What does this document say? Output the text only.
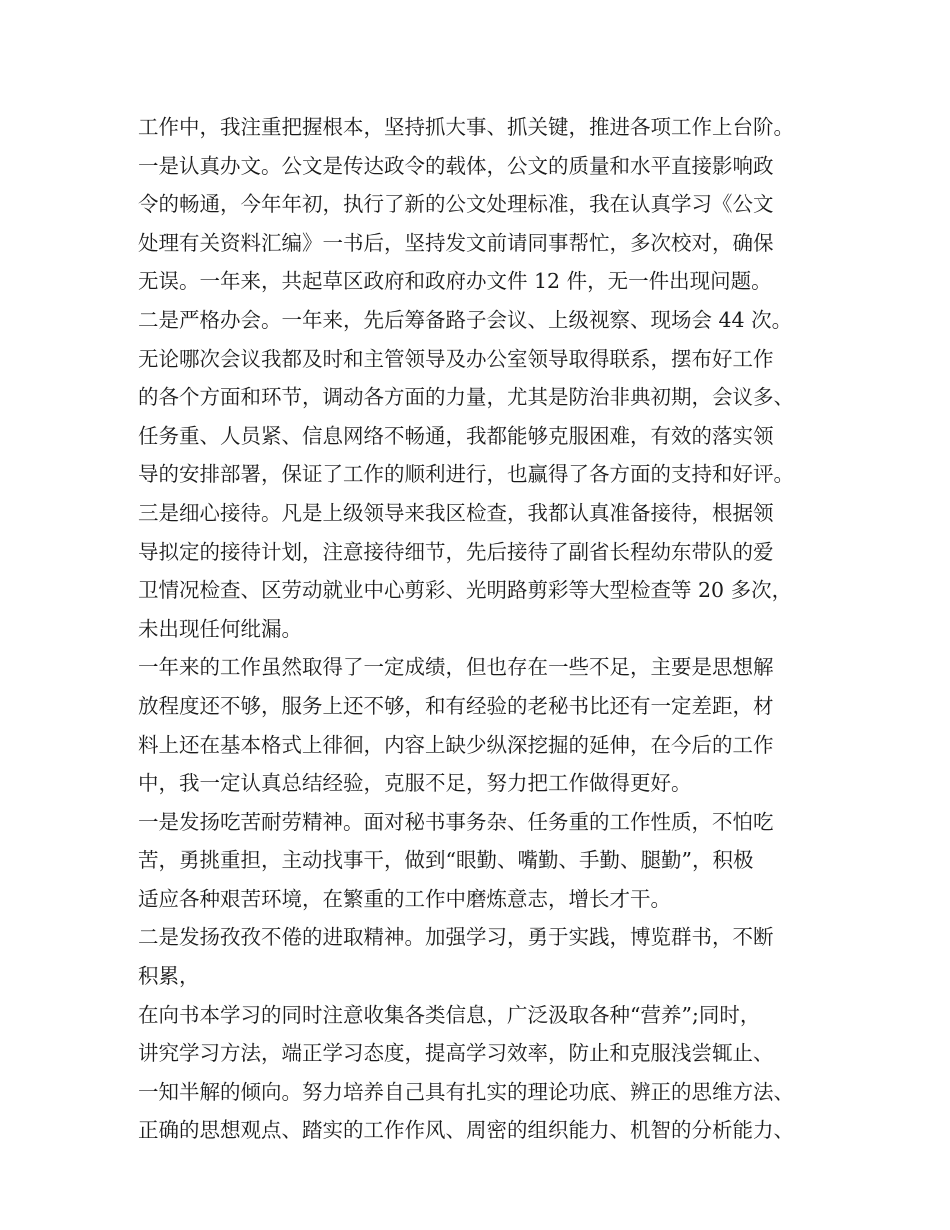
工作中，我注重把握根本，坚持抓大事、抓关键，推进各项工作上台阶。
一是认真办文。公文是传达政令的载体，公文的质量和水平直接影响政
令的畅通，今年年初，执行了新的公文处理标准，我在认真学习《公文
处理有关资料汇编》一书后，坚持发文前请同事帮忙，多次校对，确保
无误。一年来，共起草区政府和政府办文件 12 件，无一件出现问题。
二是严格办会。一年来，先后筹备路子会议、上级视察、现场会 44 次。
无论哪次会议我都及时和主管领导及办公室领导取得联系，摆布好工作
的各个方面和环节，调动各方面的力量，尤其是防治非典初期，会议多、
任务重、人员紧、信息网络不畅通，我都能够克服困难，有效的落实领
导的安排部署，保证了工作的顺利进行，也赢得了各方面的支持和好评。
三是细心接待。凡是上级领导来我区检查，我都认真准备接待，根据领
导拟定的接待计划，注意接待细节，先后接待了副省长程幼东带队的爱
卫情况检查、区劳动就业中心剪彩、光明路剪彩等大型检查等 20 多次，
未出现任何纰漏。
一年来的工作虽然取得了一定成绩，但也存在一些不足，主要是思想解
放程度还不够，服务上还不够，和有经验的老秘书比还有一定差距，材
料上还在基本格式上徘徊，内容上缺少纵深挖掘的延伸，在今后的工作
中，我一定认真总结经验，克服不足，努力把工作做得更好。
一是发扬吃苦耐劳精神。面对秘书事务杂、任务重的工作性质，不怕吃
苦，勇挑重担，主动找事干，做到“眼勤、嘴勤、手勤、腿勤”，积极
适应各种艰苦环境，在繁重的工作中磨炼意志，增长才干。
二是发扬孜孜不倦的进取精神。加强学习，勇于实践，博览群书，不断
积累，
在向书本学习的同时注意收集各类信息，广泛汲取各种“营养”;同时，
讲究学习方法，端正学习态度，提高学习效率，防止和克服浅尝辄止、
一知半解的倾向。努力培养自己具有扎实的理论功底、辨正的思维方法、
正确的思想观点、踏实的工作作风、周密的组织能力、机智的分析能力、
